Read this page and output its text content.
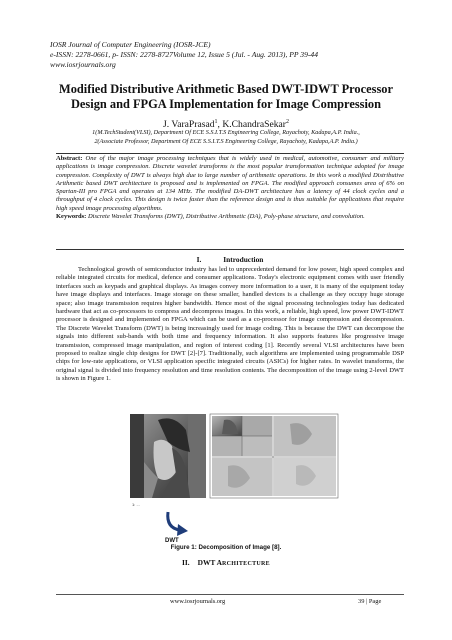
IOSR Journal of Computer Engineering (IOSR-JCE)
e-ISSN: 2278-0661, p- ISSN: 2278-8727Volume 12, Issue 5 (Jul. - Aug. 2013), PP 39-44
www.iosrjournals.org
Modified Distributive Arithmetic Based DWT-IDWT Processor
Design and FPGA Implementation for Image Compression
J. VaraPrasad$^1$, K.ChandraSekar$^2$
1(M.TechStudent(VLSI), Department Of ECE S.S.I.T.S Engineering College, Rayachoty, Kadapa,A.P. India.,
2(Associate Professor, Department Of ECE S.S.I.T.S Engineering College, Rayachoty, Kadapa,A.P. India.)
Abstract: One of the major image processing techniques that is widely used in medical, automotive, consumer and military applications is image compression. Discrete wavelet transforms is the most popular transformation technique adopted for image compression. Complexity of DWT is always high due to large number of arithmetic operations. In this work a modified Distributive Arithmetic based DWT architecture is proposed and is implemented on FPGA. The modified approach consumes area of 6% on Spartan-III pro FPGA and operates at 134 MHz. The modified DA-DWT architecture has a latency of 44 clock cycles and a throughput of 4 clock cycles. This design is twice faster than the reference design and is thus suitable for applications that require high speed image processing algorithms.
Keywords: Discrete Wavelet Transforms (DWT), Distributive Arithmetic (DA), Poly-phase structure, and convolution.
I.	Introduction
Technological growth of semiconductor industry has led to unprecedented demand for low power, high speed complex and reliable integrated circuits for medical, defence and consumer applications. Today's electronic equipment comes with user friendly interfaces such as keypads and graphical displays. As images convey more information to a user, it is many of the equipment today have image displays and interfaces. Image storage on these smaller, handled devices is a challenge as they occupy huge storage space; also image transmission requires higher bandwidth. Hence most of the signal processing technologies today has dedicated hardware that act as co-processors to compress and decompress images. In this work, a reliable, high speed, low power DWT-IDWT processor is designed and implemented on FPGA which can be used as a co-processor for image compression and decompression. The Discrete Wavelet Transform (DWT) is being increasingly used for image coding. This is because the DWT can decompose the signals into different sub-bands with both time and frequency information. It also supports features like progressive image transmission, compressed image manipulation, and region of interest coding [1]. Recently several VLSI architectures have been proposed to realize single chip designs for DWT [2]-[7]. Traditionally, such algorithms are implemented using programmable DSP chips for low-rate applications, or VLSI application specific integrated circuits (ASICs) for higher rates. In wavelet transforms, the original signal is divided into frequency resolution and time resolution contents. The decomposition of the image using 2-level DWT is shown in Figure 1.
1: ...
DWT
Figure 1: Decomposition of Image [8].
II. DWT ARCHITECTURE
www.iosrjournals.org	39 | Page
